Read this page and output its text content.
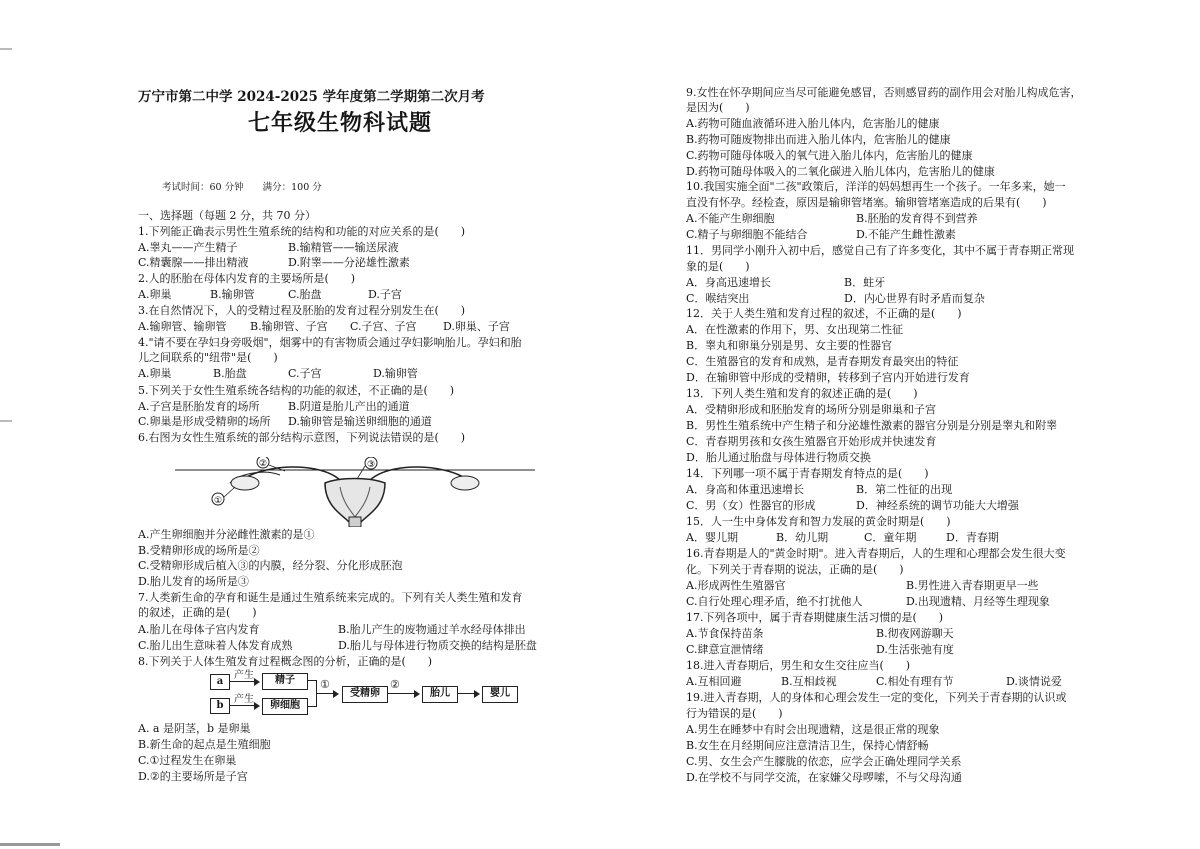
万宁市第二中学 2024-2025 学年度第二学期第二次月考
七年级生物科试题
考试时间：60 分钟　　满分：100 分
一、选择题（每题 2 分，共 70 分）
1.下列能正确表示男性生殖系统的结构和功能的对应关系的是(　　)
A.睾丸——产生精子	B.输精管——输送尿液
C.精囊腺——排出精液	D.附睾——分泌雄性激素
2.人的胚胎在母体内发育的主要场所是(　　)
A.卵巢	B.输卵管	C.胎盘	D.子宫
3.在自然情况下，人的受精过程及胚胎的发育过程分别发生在(　　)
A.输卵管、输卵管 B.输卵管、子宫 C.子宫、子宫 D.卵巢、子宫
4."请不要在孕妇身旁吸烟"，烟雾中的有害物质会通过孕妇影响胎儿。孕妇和胎
儿之间联系的"纽带"是(　　)
A.卵巢	B.胎盘	C.子宫	D.输卵管
5.下列关于女性生殖系统各结构的功能的叙述，不正确的是(　　)
A.子宫是胚胎发育的场所	B.阴道是胎儿产出的通道
C.卵巢是形成受精卵的场所 D.输卵管是输送卵细胞的通道
6.右图为女性生殖系统的部分结构示意图，下列说法错误的是(　　)
①
②	③
A.产生卵细胞并分泌雌性激素的是①
B.受精卵形成的场所是②
C.受精卵形成后植入③的内膜，经分裂、分化形成胚泡
D.胎儿发育的场所是③
7.人类新生命的孕育和诞生是通过生殖系统来完成的。下列有关人类生殖和发育
的叙述，正确的是(　　)
A.胎儿在母体子宫内发育	B.胎儿产生的废物通过羊水经母体排出
C.胎儿出生意味着人体发育成熟	D.胎儿与母体进行物质交换的结构是胚盘
8.下列关于人体生殖发育过程概念图的分析，正确的是(　　)
a
b
产生
产生
精子
卵细胞
①
受精卵
②
胎儿	婴儿
A. a 是阴茎，b 是卵巢
B.新生命的起点是生殖细胞
C.①过程发生在卵巢
D.②的主要场所是子宫
9.女性在怀孕期间应当尽可能避免感冒，否则感冒药的副作用会对胎儿构成危害，
是因为(　　)
A.药物可随血液循环进入胎儿体内，危害胎儿的健康
B.药物可随废物排出而进入胎儿体内，危害胎儿的健康
C.药物可随母体吸入的氧气进入胎儿体内，危害胎儿的健康
D.药物可随母体吸入的二氧化碳进入胎儿体内，危害胎儿的健康
10.我国实施全面"二孩"政策后，洋洋的妈妈想再生一个孩子。一年多来，她一
直没有怀孕。经检查，原因是输卵管堵塞。输卵管堵塞造成的后果有(　　)
A.不能产生卵细胞	B.胚胎的发育得不到营养
C.精子与卵细胞不能结合	D.不能产生雌性激素
11．男同学小刚升入初中后，感觉自己有了许多变化，其中不属于青春期正常现
象的是(　　)
A．身高迅速增长	B．蛀牙
C．喉结突出	D．内心世界有时矛盾而复杂
12．关于人类生殖和发育过程的叙述，不正确的是(　　)
A．在性激素的作用下，男、女出现第二性征
B．睾丸和卵巢分别是男、女主要的性器官
C．生殖器官的发育和成熟，是青春期发育最突出的特征
D．在输卵管中形成的受精卵，转移到子宫内开始进行发育
13．下列人类生殖和发育的叙述正确的是(　　)
A．受精卵形成和胚胎发育的场所分别是卵巢和子宫
B．男性生殖系统中产生精子和分泌雄性激素的器官分别是分别是睾丸和附睾
C．青春期男孩和女孩生殖器官开始形成并快速发育
D．胎儿通过胎盘与母体进行物质交换
14．下列哪一项不属于青春期发育特点的是(　　)
A．身高和体重迅速增长	B．第二性征的出现
C．男（女）性器官的形成	D．神经系统的调节功能大大增强
15．人一生中身体发育和智力发展的黄金时期是(　　)
A．婴儿期	B．幼儿期	C．童年期	D．青春期
16.青春期是人的"黄金时期"。进入青春期后，人的生理和心理都会发生很大变
化。下列关于青春期的说法，正确的是(　　)
A.形成两性生殖器官	B.男性进入青春期更早一些
C.自行处理心理矛盾，绝不打扰他人	D.出现遗精、月经等生理现象
17.下列各项中，属于青春期健康生活习惯的是(　　)
A.节食保持苗条	B.彻夜网游聊天
C.肆意宣泄情绪	D.生活张弛有度
18.进入青春期后，男生和女生交往应当(　　)
A.互相回避	B.互相歧视	C.相处有理有节	D.谈情说爱
19.进入青春期，人的身体和心理会发生一定的变化，下列关于青春期的认识或
行为错误的是(　　)
A.男生在睡梦中有时会出现遗精，这是很正常的现象
B.女生在月经期间应注意清洁卫生，保持心情舒畅
C.男、女生会产生朦胧的依恋，应学会正确处理同学关系
D.在学校不与同学交流，在家嫌父母啰嗦，不与父母沟通
